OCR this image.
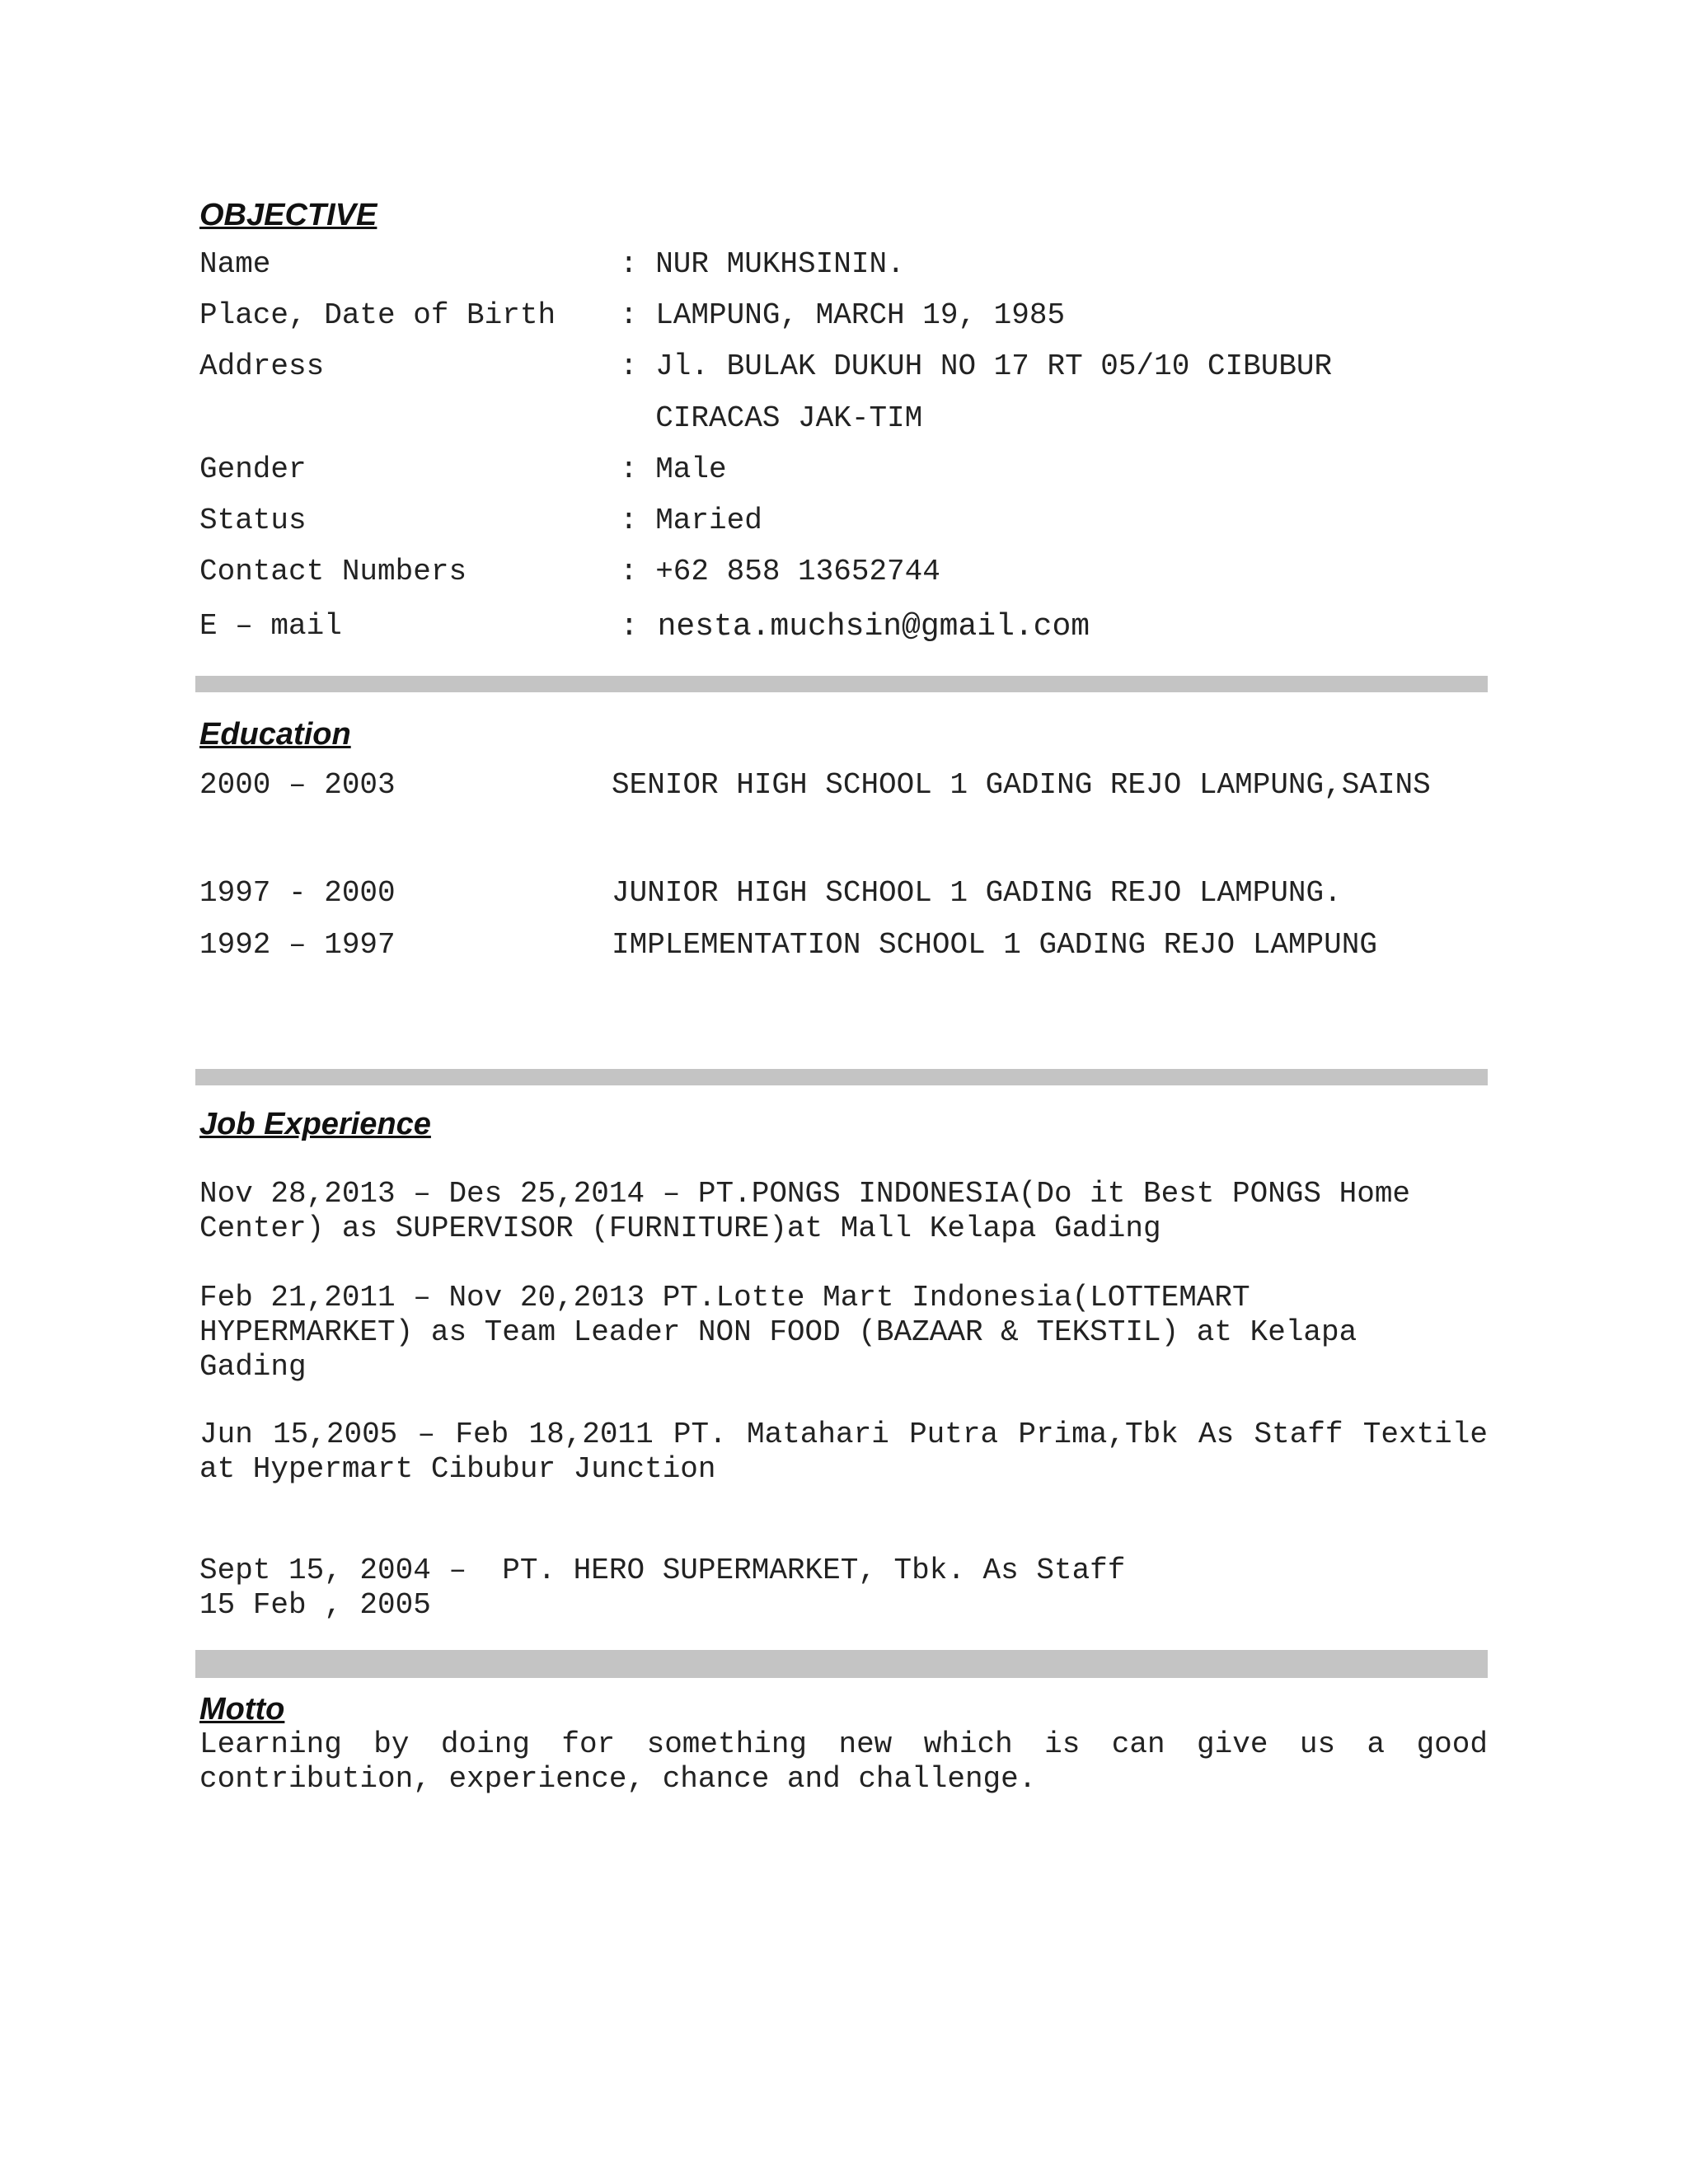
OBJECTIVE

Name

	: NUR MUKHSININ.

Place, Date of Birth

: LAMPUNG, MARCH 19, 1985

Address

	: Jl. BULAK DUKUH NO 17 RT 05/10 CIBUBUR

CIRACAS JAK-TIM

Gender

	: Male

Status

	: Maried

Contact Numbers

	: +62 858 13652744

E – mail

	: nesta.muchsin@gmail.com

Education

2000 – 2003

	SENIOR HIGH SCHOOL 1 GADING REJO LAMPUNG,SAINS

1997 - 2000

	JUNIOR HIGH SCHOOL 1 GADING REJO LAMPUNG.

1992 – 1997

	IMPLEMENTATION SCHOOL 1 GADING REJO LAMPUNG

Job Experience

Nov 28,2013 – Des 25,2014 – PT.PONGS INDONESIA(Do it Best PONGS Home Center) as SUPERVISOR (FURNITURE)at Mall Kelapa Gading

Feb 21,2011 – Nov 20,2013 PT.Lotte Mart Indonesia(LOTTEMART HYPERMARKET) as Team Leader NON FOOD (BAZAAR & TEKSTIL) at Kelapa Gading

Jun 15,2005 – Feb 18,2011 PT. Matahari Putra Prima,Tbk As Staff Textile at Hypermart Cibubur Junction

Sept 15, 2004 –  PT. HERO SUPERMARKET, Tbk. As Staff
15 Feb , 2005
Motto

Learning by doing for something new which is can give us a good contribution, experience, chance and challenge.
